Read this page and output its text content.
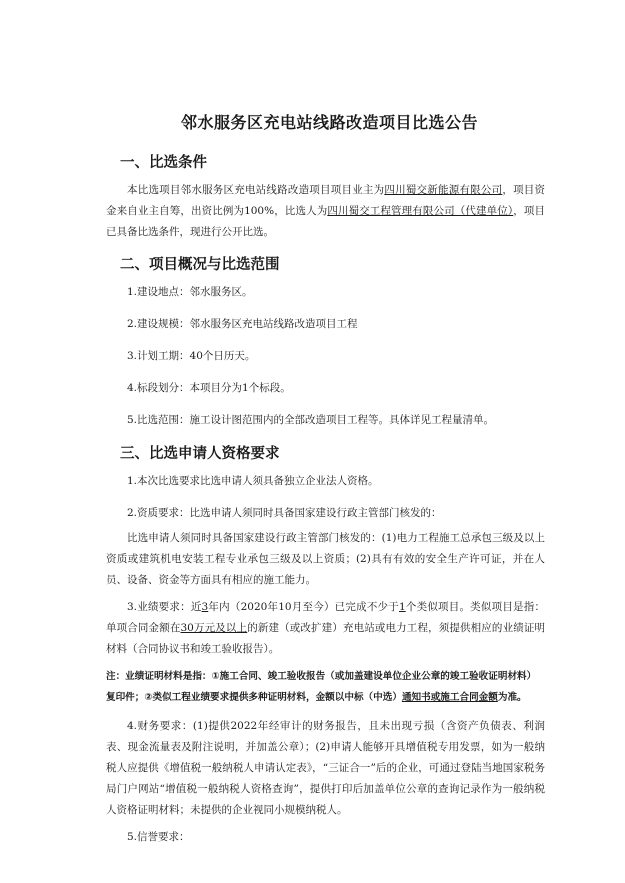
邻水服务区充电站线路改造项目比选公告
一、比选条件

本比选项目邻水服务区充电站线路改造项目项目业主为四川蜀交新能源有限公司，项目资金来自业主自筹，出资比例为100%，比选人为四川蜀交工程管理有限公司（代建单位），项目已具备比选条件，现进行公开比选。

二、项目概况与比选范围
1.建设地点：邻水服务区。
2.建设规模：邻水服务区充电站线路改造项目工程
3.计划工期：40个日历天。
4.标段划分：本项目分为1个标段。
5.比选范围：施工设计图范围内的全部改造项目工程等。具体详见工程量清单。
三、比选申请人资格要求
1.本次比选要求比选申请人须具备独立企业法人资格。
2.资质要求：比选申请人须同时具备国家建设行政主管部门核发的：

比选申请人须同时具备国家建设行政主管部门核发的：(1)电力工程施工总承包三级及以上资质或建筑机电安装工程专业承包三级及以上资质；(2)具有有效的安全生产许可证，并在人员、设备、资金等方面具有相应的施工能力。

3.业绩要求：近3年内（2020年10月至今）已完成不少于1个类似项目。类似项目是指：单项合同金额在30万元及以上的新建（或改扩建）充电站或电力工程，须提供相应的业绩证明材料（合同协议书和竣工验收报告）。

注：业绩证明材料是指：①施工合同、竣工验收报告（或加盖建设单位企业公章的竣工验收证明材料）复印件；②类似工程业绩要求提供多种证明材料，金额以中标（中选）通知书或施工合同金额为准。

4.财务要求：(1)提供2022年经审计的财务报告，且未出现亏损（含资产负债表、利润表、现金流量表及附注说明，并加盖公章）；(2)申请人能够开具增值税专用发票，如为一般纳税人应提供《增值税一般纳税人申请认定表》，“三证合一”后的企业，可通过登陆当地国家税务局门户网站“增值税一般纳税人资格查询”，提供打印后加盖单位公章的查询记录作为一般纳税人资格证明材料；未提供的企业视同小规模纳税人。

5.信誉要求：
